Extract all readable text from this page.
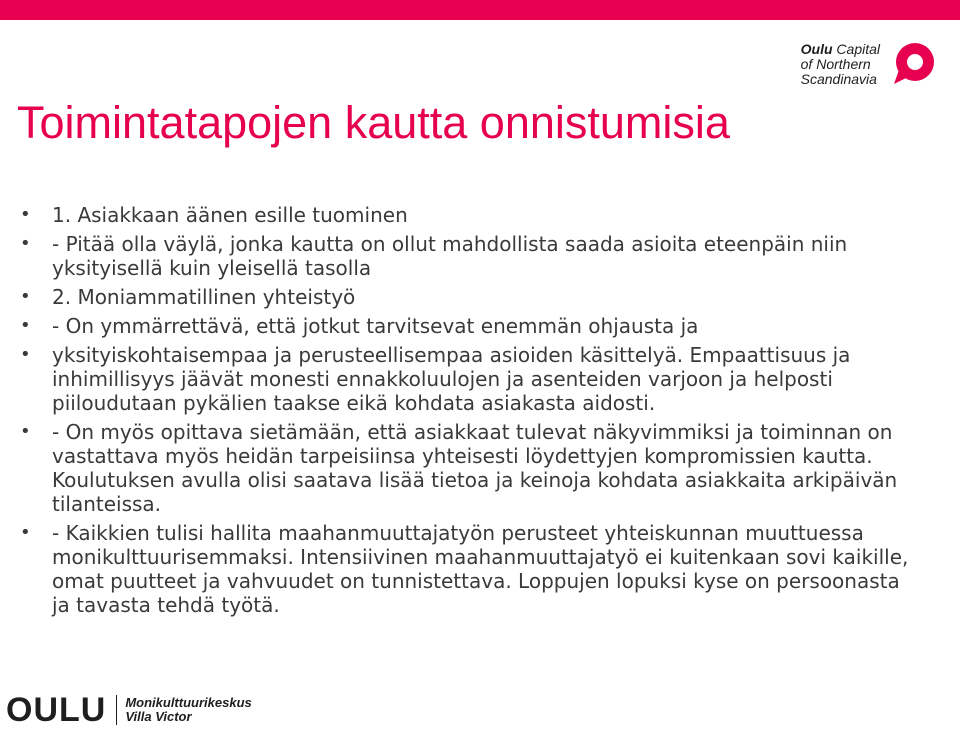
Oulu Capital
of Northern
Scandinavia
Toimintatapojen kautta onnistumisia
• 1. Asiakkaan äänen esille tuominen
• - Pitää olla väylä, jonka kautta on ollut mahdollista saada asioita eteenpäin niin yksityisellä kuin yleisellä tasolla
• 2. Moniammatillinen yhteistyö
• - On ymmärrettävä, että jotkut tarvitsevat enemmän ohjausta ja
• yksityiskohtaisempaa ja perusteellisempaa asioiden käsittelyä. Empaattisuus ja inhimillisyys jäävät monesti ennakkoluulojen ja asenteiden varjoon ja helposti piiloudutaan pykälien taakse eikä kohdata asiakasta aidosti.
• - On myös opittava sietämään, että asiakkaat tulevat näkyvimmiksi ja toiminnan on vastattava myös heidän tarpeisiinsa yhteisesti löydettyjen kompromissien kautta. Koulutuksen avulla olisi saatava lisää tietoa ja keinoja kohdata asiakkaita arkipäivän tilanteissa.
• - Kaikkien tulisi hallita maahanmuuttajatyön perusteet yhteiskunnan muuttuessa monikulttuurisemmaksi. Intensiivinen maahanmuuttajatyö ei kuitenkaan sovi kaikille, omat puutteet ja vahvuudet on tunnistettava. Loppujen lopuksi kyse on persoonasta ja tavasta tehdä työtä.
OULU Monikulttuurikeskus
Villa Victor
